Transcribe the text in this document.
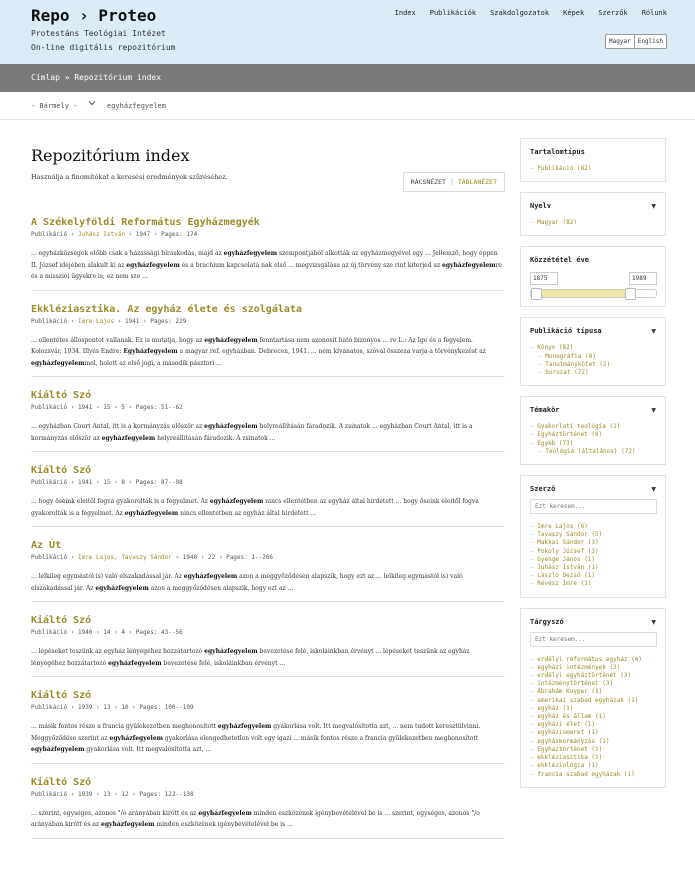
Repo › Proteo
Protestáns Teológiai Intézet
On-line digitális repozitórium
Index Publikációk Szakdolgozatok Képek Szerzők Rólunk
Magyar	English
Címlap » Repozitórium index
- Bármely -	egyházfegyelem
Repozitórium index

Használja a finomítókat a keresési eredmények szűréséhez.

RÁCSNÉZET | TÁBLANÉZET
A Székelyföldi Református Egyházmegyék
Publikáció › Juhász István › 1947 › Pages: 174
... egyházközségek előbb csak a házassági bíráskodás, majd az egyházfegyelem szempontjából alkották az egyházmegyével egy ... Jellemző, hogy éppen II. József idejében alakult ki az egyházfegyelem és a brachium kapcsolatá nak első ... megvizsgálása az új törvény sze rint kiterjed az egyházfegyelemre és a missziói ügyekre is; ez nem sze ...
Ekkléziasztika. Az egyház élete és szolgálata
Publikáció › Imre Lajos › 1941 › Pages: 229
... ellentétes állospontot vallanak. Ez is mutatja, hogy az egyházfegyelem fenntartása nem azonosít ható bizonyos ... re L.: Az Ige és a fegyelem. Kolozsvár, 1934. Illyés Endre: Egyházfegyelem a magyar ref. egyházban. Debrecen, 1941. ... nem kívánatos, szóval összeza varja a törvénykezést az egyházfegyelemmel, holott az első jogi, a második pásztori ...
Kiáltó Szó
Publikáció › 1941 › 15 › 5 › Pages: 51--62
... egyházban Court Antal, itt is a kormányzás először az egyházfegyelem helyreállításán fáradozik. A zsinatok ... egyházban Court Antal, itt is a kormányzás először az egyházfegyelem helyreállításán fáradozik. A zsinatok ...
Kiáltó Szó
Publikáció › 1941 › 15 › 8 › Pages: 87--98
... hogy őseink eleitől fogva gyakorolták is a fegyelmet. Az egyházfegyelem nincs ellentétben az egyház által hirdetett ... hogy őseink eleitől fogva gyakorolták is a fegyelmet. Az egyházfegyelem nincs ellentétben az egyház által hirdetett ...
Az Út
Publikáció › Imre Lajos, Tavaszy Sándor › 1940 › 22 › Pages: 1--266
... lelkileg egymástól is) való elszakadással jár. Az egyházfegyelem azon a meggyőződésen alapszik, hogy ezt az ... lelkileg egymástól is) való elszakadással jár. Az egyházfegyelem azon a meggyőződésen alapszik, hogy ezt az ...
Kiáltó Szó
Publikáció › 1940 › 14 › 4 › Pages: 43--56
... lépéseket teszünk az egyház lényegéhez hozzátartozó egyházfegyelem bevezetése felé, iskoláinkban érvényt ... lépéseket teszünk az egyház lényegéhez hozzátartozó egyházfegyelem bevezetése felé, iskoláinkban érvényt ...
Kiáltó Szó
Publikáció › 1939 › 13 › 10 › Pages: 100--109
... másik fontos része a francia gyülekezetben meghonosított egyházfegyelem gyakorlása volt. Itt megvalósította azt, ... nem tudott keresztülvinni. Meggyőződése szerint az egyházfegyelem gyakorlása elengedhetetlen volt egy igazi ... másik fontos része a francia gyülekezetben meghonosított egyházfegyelem gyakorlása volt. Itt megvalósította azt, ...
Kiáltó Szó
Publikáció › 1939 › 13 › 12 › Pages: 122--138
... szerint, egységes, azonos °/o arányában kirótt és az egyházfegyelem minden eszközének igénybevételével be is ... szerint, egységes, azonos °/o arányában kirótt és az egyházfegyelem minden eszközének igénybevételével be is ...
Tartalomtípus
- Publikáció (82)
Nyelv	▼
- Magyar (82)
Közzététel éve
1875	1989
Publikáció típusa	▼
- Könyv (82)
- Monográfia (8)
- Tanulmánykötet (2)
- Sorozat (72)
Témakör	▼
- Gyakorlati teológia (1)
- Egyháztörténet (6)
- Egyéb (73)
- Teológia (általános) (72)
Szerző	▼
Ezt keresem...
- Imre Lajos (6)
- Tavaszy Sándor (5)
- Makkai Sándor (3)
- Pokoly József (3)
- Gyenge János (1)
- Juhász István (1)
- László Dezső (1)
- Révész Imre (1)
Tárgyszó	▼
Ezt keresem...
- erdélyi református egyház (4)
- egyházi intézmények (3)
- erdélyi egyháztörténet (3)
- intézménytörténet (3)
- Ábrahám Kuyper (1)
- amerikai szabad egyházak (1)
- egyház (1)
- egyház és állam (1)
- egyházi élet (1)
- egyházismeret (1)
- egyházkormányzás (1)
- Egyháztörténet (1)
- ekkléziasztika (1)
- ekkléziológia (1)
- francia szabad egyházak (1)
